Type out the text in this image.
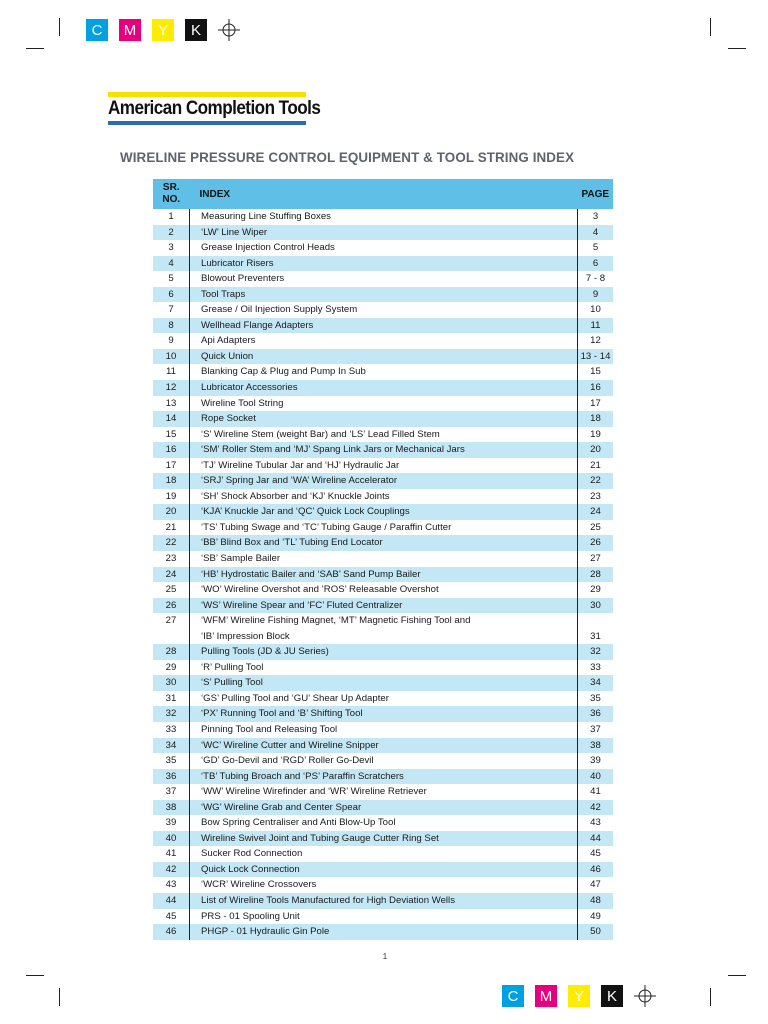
C	M	Y	K
C	M	Y	K
American Completion Tools
WIRELINE PRESSURE CONTROL EQUIPMENT & TOOL STRING INDEX
SR.
NO.	INDEX	PAGE
1	Measuring Line Stuffing Boxes	3
2	‘LW’ Line Wiper	4
3	Grease Injection Control Heads	5
4	Lubricator Risers	6
5	Blowout Preventers	7 - 8
6	Tool Traps	9
7	Grease / Oil Injection Supply System	10
8	Wellhead Flange Adapters	11
9	Api Adapters	12
10	Quick Union	13 - 14
11	Blanking Cap & Plug and Pump In Sub	15
12	Lubricator Accessories	16
13	Wireline Tool String	17
14	Rope Socket	18
15	‘S’ Wireline Stem (weight Bar) and ‘LS’ Lead Filled Stem	19
16	‘SM’ Roller Stem and ‘MJ’ Spang Link Jars or Mechanical Jars	20
17	‘TJ’ Wireline Tubular Jar and ‘HJ’ Hydraulic Jar	21
18	‘SRJ’ Spring Jar and ‘WA’ Wireline Accelerator	22
19	‘SH’ Shock Absorber and ‘KJ’ Knuckle Joints	23
20	‘KJA’ Knuckle Jar and ‘QC’ Quick Lock Couplings	24
21	‘TS’ Tubing Swage and ‘TC’ Tubing Gauge / Paraffin Cutter	25
22	‘BB’ Blind Box and ‘TL’ Tubing End Locator	26
23	‘SB’ Sample Bailer	27
24	‘HB’ Hydrostatic Bailer and ‘SAB’ Sand Pump Bailer	28
25	‘WO’ Wireline Overshot and ‘ROS’ Releasable Overshot	29
26	‘WS’ Wireline Spear and ‘FC’ Fluted Centralizer	30
27	‘WFM’ Wireline Fishing Magnet, ‘MT’ Magnetic Fishing Tool and
‘IB’ Impression Block	31
28	Pulling Tools (JD & JU Series)	32
29	‘R’ Pulling Tool	33
30	‘S’ Pulling Tool	34
31	‘GS’ Pulling Tool and ‘GU’ Shear Up Adapter	35
32	‘PX’ Running Tool and ‘B’ Shifting Tool	36
33	Pinning Tool and Releasing Tool	37
34	‘WC’ Wireline Cutter and Wireline Snipper	38
35	‘GD’ Go-Devil and ‘RGD’ Roller Go-Devil	39
36	‘TB’ Tubing Broach and ‘PS’ Paraffin Scratchers	40
37	‘WW’ Wireline Wirefinder and ‘WR’ Wireline Retriever	41
38	‘WG’ Wireline Grab and Center Spear	42
39	Bow Spring Centraliser and Anti Blow-Up Tool	43
40	Wireline Swivel Joint and Tubing Gauge Cutter Ring Set	44
41	Sucker Rod Connection	45
42	Quick Lock Connection	46
43	‘WCR’ Wireline Crossovers	47
44	List of Wireline Tools Manufactured for High Deviation Wells	48
45	PRS - 01 Spooling Unit	49
46	PHGP - 01 Hydraulic Gin Pole	50
1
